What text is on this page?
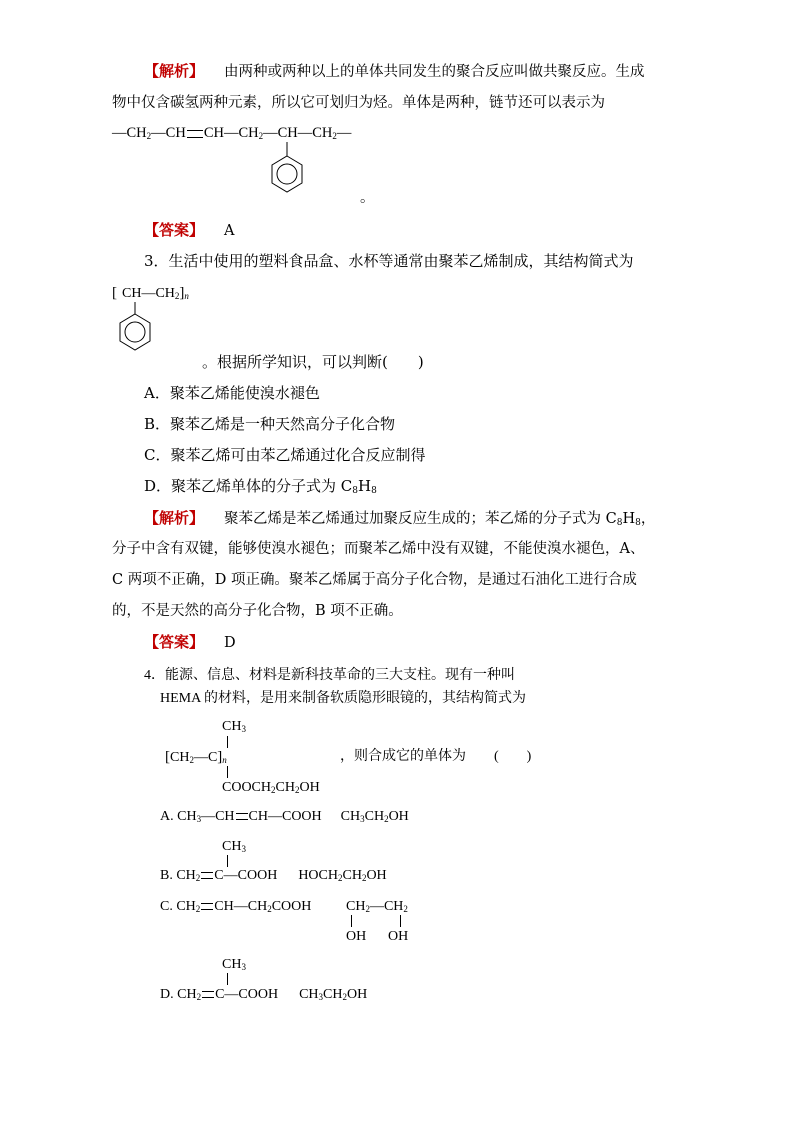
【解析】 由两种或两种以上的单体共同发生的聚合反应叫做共聚反应。生成
物中仅含碳氢两种元素，所以它可划归为烃。单体是两种，链节还可以表示为
$—CH_2—CH$ $CH—CH_2—CH—CH_2—$
。
【答案】 A
3．生活中使用的塑料食品盒、水杯等通常由聚苯乙烯制成，其结构简式为
[ $CH—CH_2]_n$
。根据所学知识，可以判断(　　)
A．聚苯乙烯能使溴水褪色
B．聚苯乙烯是一种天然高分子化合物
C．聚苯乙烯可由苯乙烯通过化合反应制得
D．聚苯乙烯单体的分子式为 $C_8H_8$
【解析】 聚苯乙烯是苯乙烯通过加聚反应生成的；苯乙烯的分子式为 $C_8H_8$，
分子中含有双键，能够使溴水褪色；而聚苯乙烯中没有双键，不能使溴水褪色，A、
C 两项不正确，D 项正确。聚苯乙烯属于高分子化合物，是通过石油化工进行合成
的，不是天然的高分子化合物，B 项不正确。
【答案】 D
4．能源、信息、材料是新科技革命的三大支柱。现有一种叫
HEMA 的材料，是用来制备软质隐形眼镜的，其结构简式为
$CH_3$
$[CH_2—C]_n$
$COOCH_2CH_2OH$
，则合成它的单体为　　(　　)
A. $CH_3—CH$ CH—COOH $CH_3CH_2OH$
$CH_3$
B. $CH_2$ C—COOH $HOCH_2CH_2OH$
C. $CH_2$ $CH—CH_2COOH$ $CH_2—CH_2$
OH OH
$CH_3$
D. $CH_2$ C—COOH $CH_3CH_2OH$
